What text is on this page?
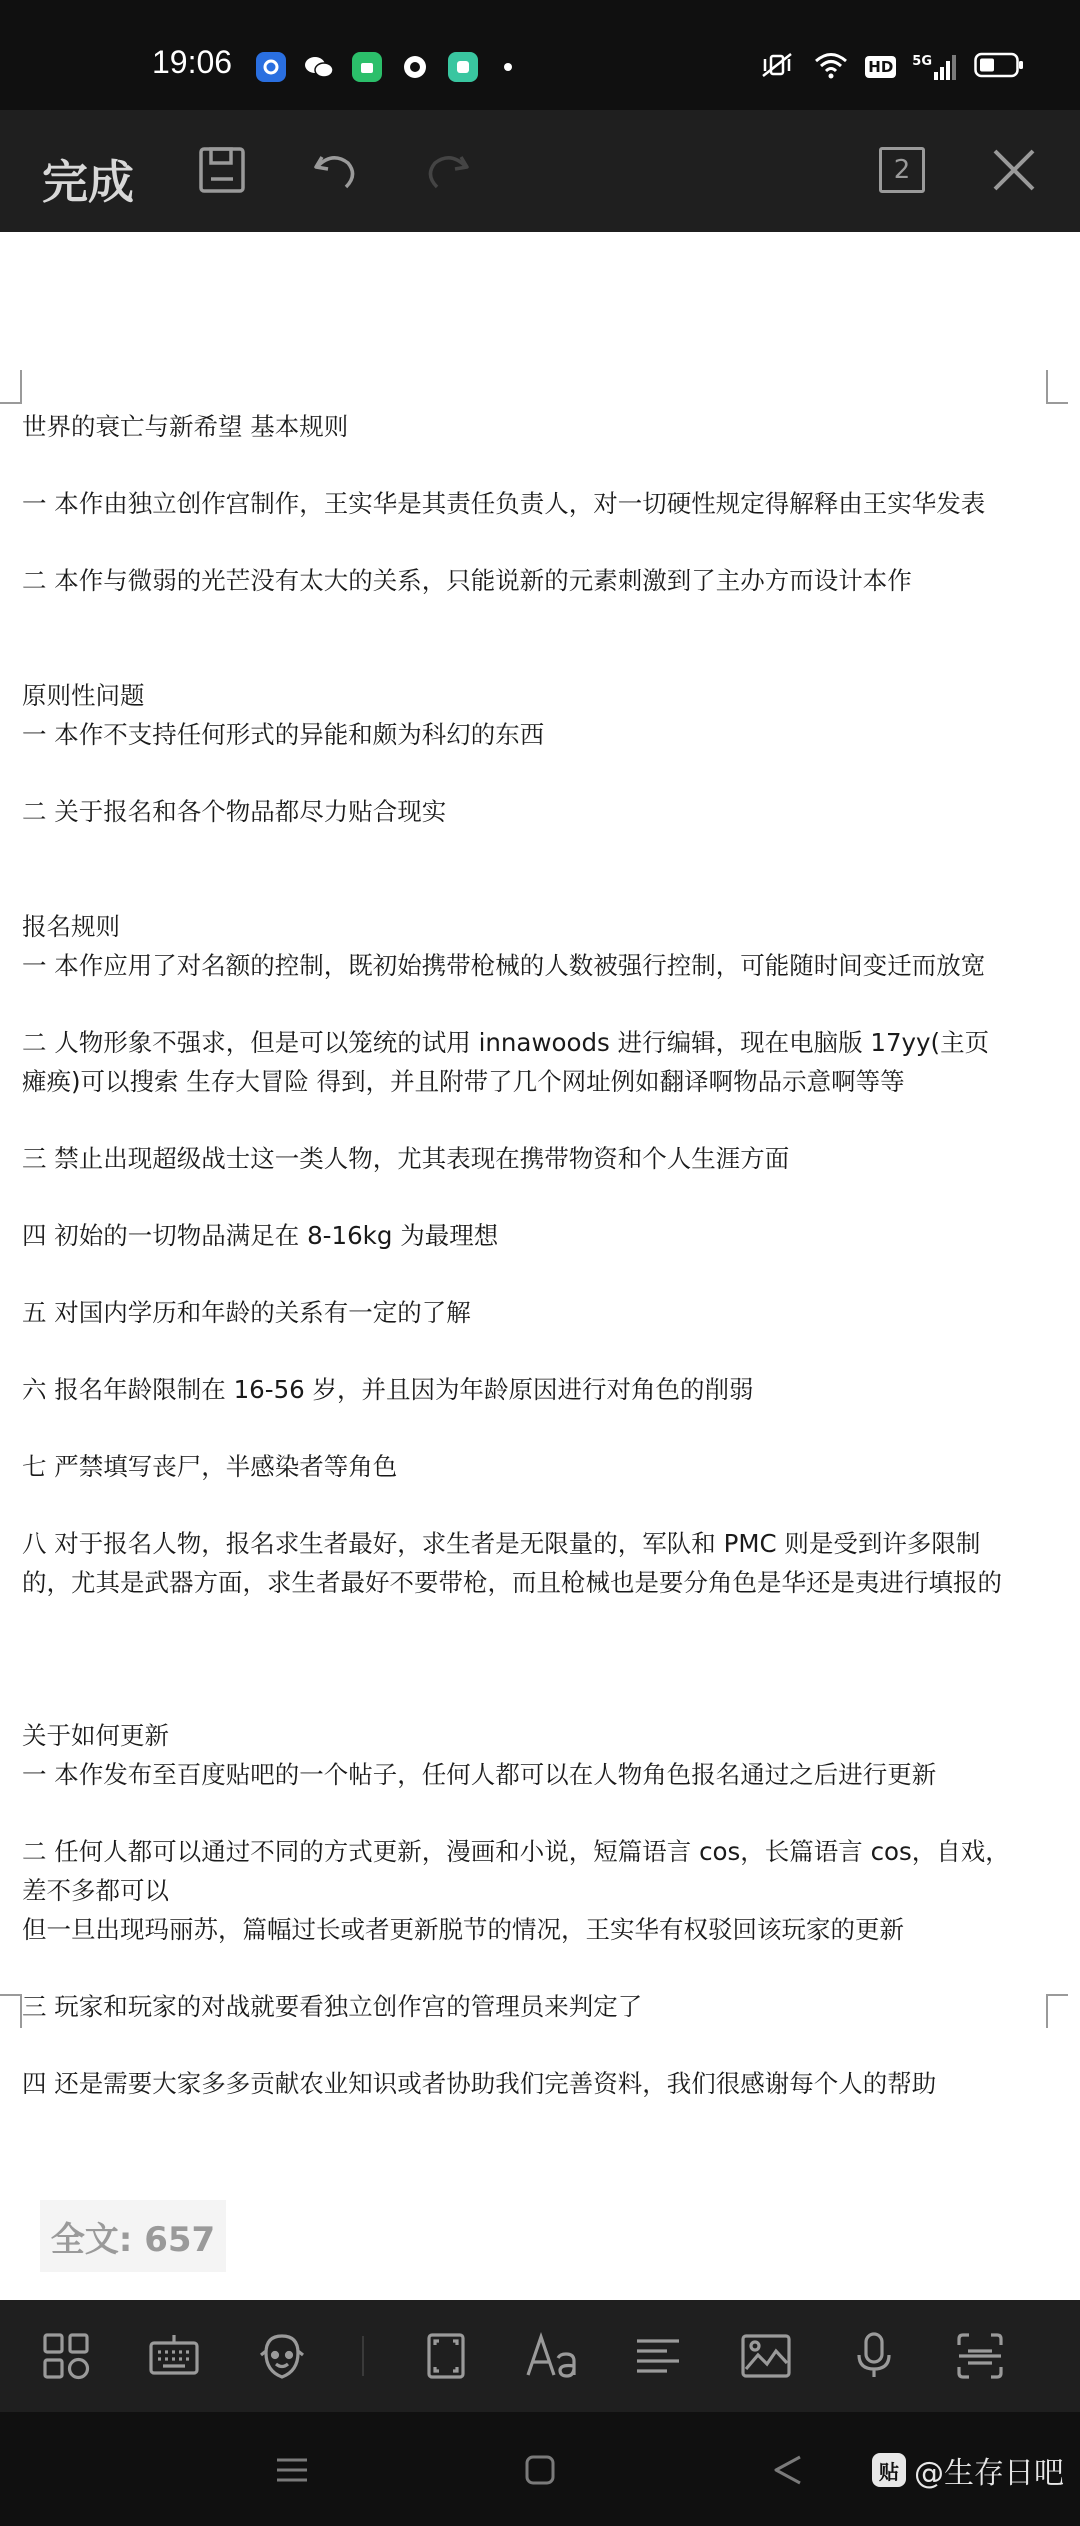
19:06	HD 5G
完成	2
世界的衰亡与新希望 基本规则
一 本作由独立创作宫制作，王实华是其责任负责人，对一切硬性规定得解释由王实华发表
二 本作与微弱的光芒没有太大的关系，只能说新的元素刺激到了主办方而设计本作
原则性问题
一 本作不支持任何形式的异能和颇为科幻的东西
二 关于报名和各个物品都尽力贴合现实
报名规则
一 本作应用了对名额的控制，既初始携带枪械的人数被强行控制，可能随时间变迁而放宽
二 人物形象不强求，但是可以笼统的试用 innawoods 进行编辑，现在电脑版 17yy(主页
瘫痪)可以搜索 生存大冒险 得到，并且附带了几个网址例如翻译啊物品示意啊等等
三 禁止出现超级战士这一类人物，尤其表现在携带物资和个人生涯方面
四 初始的一切物品满足在 8-16kg 为最理想
五 对国内学历和年龄的关系有一定的了解
六 报名年龄限制在 16-56 岁，并且因为年龄原因进行对角色的削弱
七 严禁填写丧尸，半感染者等角色
八 对于报名人物，报名求生者最好，求生者是无限量的，军队和 PMC 则是受到许多限制
的，尤其是武器方面，求生者最好不要带枪，而且枪械也是要分角色是华还是夷进行填报的
关于如何更新
一 本作发布至百度贴吧的一个帖子，任何人都可以在人物角色报名通过之后进行更新
二 任何人都可以通过不同的方式更新，漫画和小说，短篇语言 cos，长篇语言 cos，自戏，
差不多都可以
但一旦出现玛丽苏，篇幅过长或者更新脱节的情况，王实华有权驳回该玩家的更新
三 玩家和玩家的对战就要看独立创作宫的管理员来判定了
四 还是需要大家多多贡献农业知识或者协助我们完善资料，我们很感谢每个人的帮助
全文: 657
贴 @生存日吧
